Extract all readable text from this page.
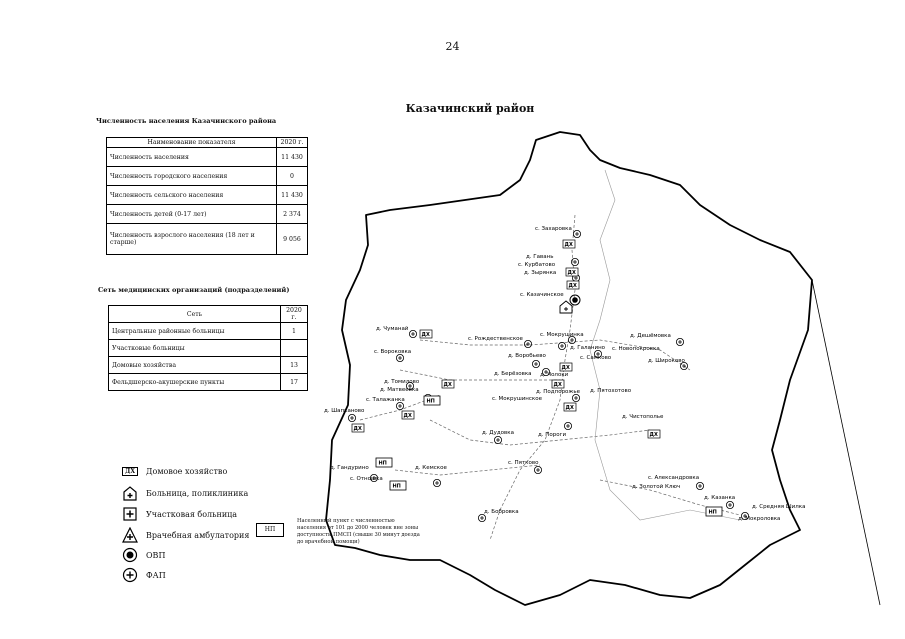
24
Казачинский район
Численность населения Казачинского района
Наименование показателя	2020 г.
Численность населения	11 430
Численность городского населения	0
Численность сельского населения	11 430
Численность детей (0-17 лет)	2 374
Численность взрослого населения (18 лет и старше)	9 056
Сеть медицинских организаций (подразделений)
Сеть	2020 г.
Центральные районные больницы	1
Участковые больницы	
Домовые хозяйства	13
Фельдшерско-акушерские пункты	17
ДХ	Домовое хозяйство
Больница, поликлиника
Участковая больница
Врачебная амбулатория
ОВП
ФАП
НП
Населенный пункт с численностью населения от 101 до 2000 человек вне зоны доступности ПМСП (свыше 30 минут доезда до врачебной помощи)
с. Захаровка
д. Гавань
с. Курбатово
д. Зырянка
с. Казачинское
д. Чуманай
с. Рождественское
с. Мокрушинка	д. Дешёмовка
с. Вороковка
д. Галанино с. Новопокровка
д. Воробьево	с. Самково	д. Широково
д. Берёзовка д. Чолоки
д. Томилово
д. Матвеевка	д. Подпорожье д. Пятохотово
с. Талажанка	с. Мокрушинское
д. Шапканово
д. Чистополье
д. Дудовка	д. Пороги
с. Пятково
д. Гандурино	д. Кемское
с. Отношка	с. Александровка
д. Золотой Ключ
д. Бобровка
д. Казанка
д. Средняя Шилка
д. Мокроловка
ДХ
ДХ
ДХ
ДХ
ДХ
ДХ	ДХ
ДХ
ДХ
ДХ
ДХ
НП
НП
НП
НП
